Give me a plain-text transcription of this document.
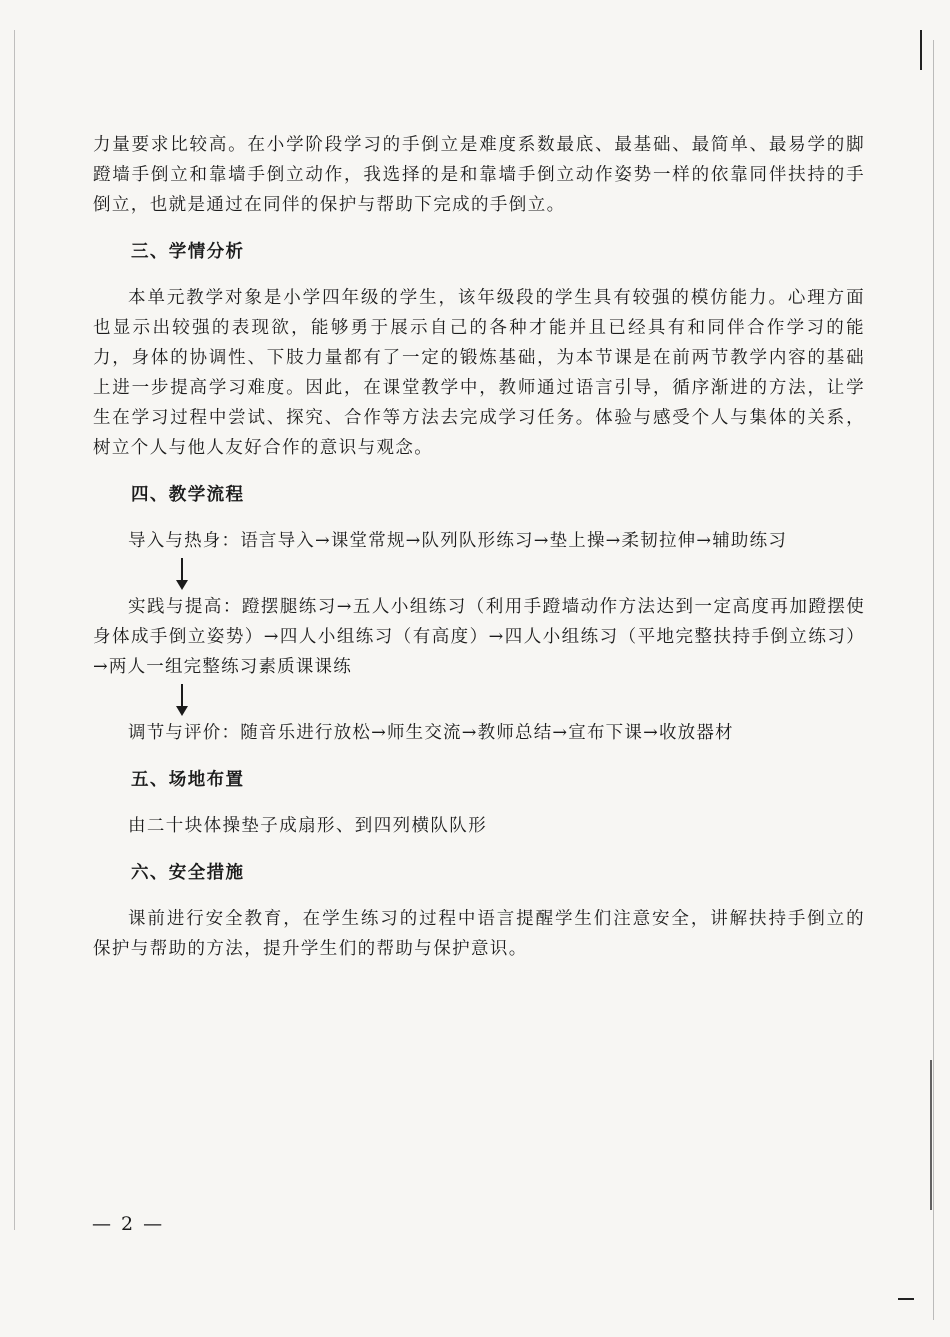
力量要求比较高。在小学阶段学习的手倒立是难度系数最底、最基础、最简单、最易学的脚蹬墙手倒立和靠墙手倒立动作，我选择的是和靠墙手倒立动作姿势一样的依靠同伴扶持的手倒立，也就是通过在同伴的保护与帮助下完成的手倒立。

三、学情分析

本单元教学对象是小学四年级的学生，该年级段的学生具有较强的模仿能力。心理方面也显示出较强的表现欲，能够勇于展示自己的各种才能并且已经具有和同伴合作学习的能力，身体的协调性、下肢力量都有了一定的锻炼基础，为本节课是在前两节教学内容的基础上进一步提高学习难度。因此，在课堂教学中，教师通过语言引导，循序渐进的方法，让学生在学习过程中尝试、探究、合作等方法去完成学习任务。体验与感受个人与集体的关系，树立个人与他人友好合作的意识与观念。

四、教学流程

导入与热身：语言导入→课堂常规→队列队形练习→垫上操→柔韧拉伸→辅助练习

实践与提高：蹬摆腿练习→五人小组练习（利用手蹬墙动作方法达到一定高度再加蹬摆使身体成手倒立姿势）→四人小组练习（有高度）→四人小组练习（平地完整扶持手倒立练习）→两人一组完整练习素质课课练

调节与评价：随音乐进行放松→师生交流→教师总结→宣布下课→收放器材

五、场地布置

由二十块体操垫子成扇形、到四列横队队形

六、安全措施

课前进行安全教育，在学生练习的过程中语言提醒学生们注意安全，讲解扶持手倒立的保护与帮助的方法，提升学生们的帮助与保护意识。

— 2 —
